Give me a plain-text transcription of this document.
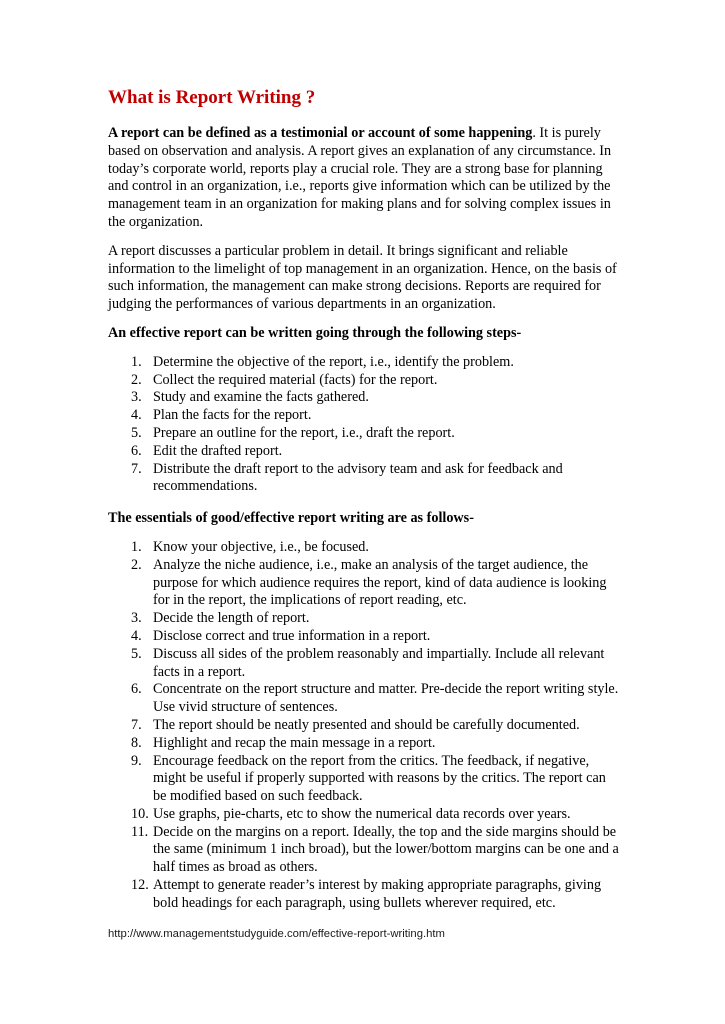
What is Report Writing ?

A report can be defined as a testimonial or account of some happening. It is purely based on observation and analysis. A report gives an explanation of any circumstance. In today’s corporate world, reports play a crucial role. They are a strong base for planning and control in an organization, i.e., reports give information which can be utilized by the management team in an organization for making plans and for solving complex issues in the organization.

A report discusses a particular problem in detail. It brings significant and reliable information to the limelight of top management in an organization. Hence, on the basis of such information, the management can make strong decisions. Reports are required for judging the performances of various departments in an organization.

An effective report can be written going through the following steps-

1. Determine the objective of the report, i.e., identify the problem.
2. Collect the required material (facts) for the report.
3. Study and examine the facts gathered.
4. Plan the facts for the report.
5. Prepare an outline for the report, i.e., draft the report.
6. Edit the drafted report.
7. Distribute the draft report to the advisory team and ask for feedback and recommendations.

The essentials of good/effective report writing are as follows-

1. Know your objective, i.e., be focused.
2. Analyze the niche audience, i.e., make an analysis of the target audience, the purpose for which audience requires the report, kind of data audience is looking for in the report, the implications of report reading, etc.
3. Decide the length of report.
4. Disclose correct and true information in a report.
5. Discuss all sides of the problem reasonably and impartially. Include all relevant facts in a report.
6. Concentrate on the report structure and matter. Pre-decide the report writing style. Use vivid structure of sentences.
7. The report should be neatly presented and should be carefully documented.
8. Highlight and recap the main message in a report.
9. Encourage feedback on the report from the critics. The feedback, if negative, might be useful if properly supported with reasons by the critics. The report can be modified based on such feedback.
10. Use graphs, pie-charts, etc to show the numerical data records over years.
11. Decide on the margins on a report. Ideally, the top and the side margins should be the same (minimum 1 inch broad), but the lower/bottom margins can be one and a half times as broad as others.
12. Attempt to generate reader’s interest by making appropriate paragraphs, giving bold headings for each paragraph, using bullets wherever required, etc.
http://www.managementstudyguide.com/effective-report-writing.htm
